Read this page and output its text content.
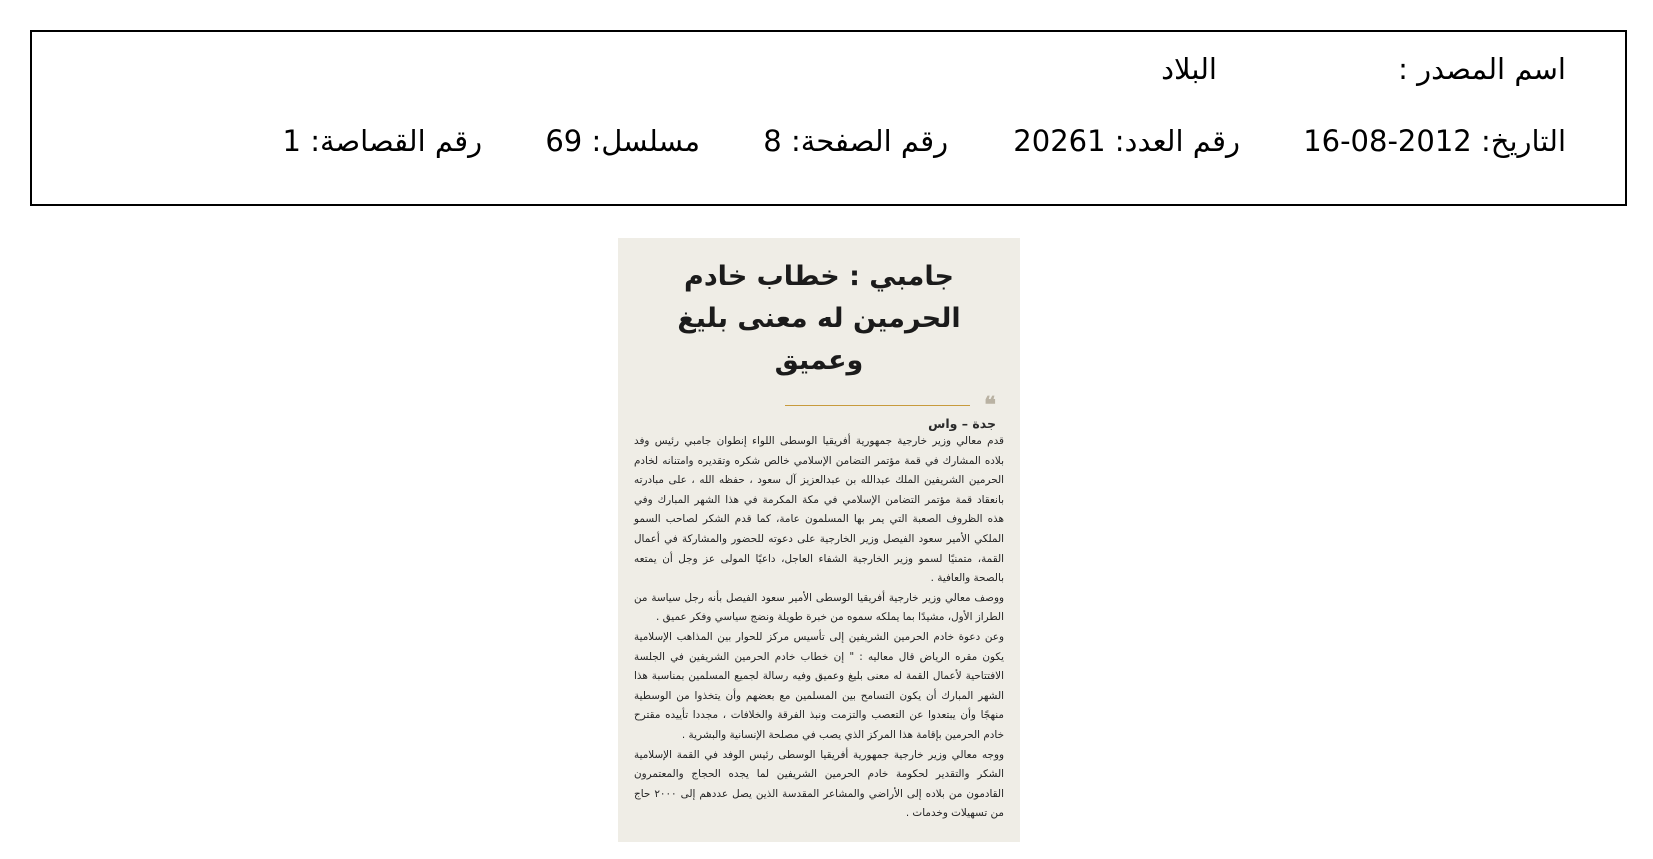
اسم المصدر :
البلاد
التاريخ: 16-08-2012 رقم العدد: 20261 رقم الصفحة: 8 مسلسل: 69 رقم القصاصة: 1
جامبي : خطاب خادم
الحرمين له معنى بليغ وعميق
❝
جدة – واس

قدم معالي وزير خارجية جمهورية أفريقيا الوسطى اللواء إنطوان جامبي رئيس وفد بلاده المشارك في قمة مؤتمر التضامن الإسلامي خالص شكره وتقديره وامتنانه لخادم الحرمين الشريفين الملك عبدالله بن عبدالعزيز آل سعود ، حفظه الله ، على مبادرته بانعقاد قمة مؤتمر التضامن الإسلامي في مكة المكرمة في هذا الشهر المبارك وفي هذه الظروف الصعبة التي يمر بها المسلمون عامة، كما قدم الشكر لصاحب السمو الملكي الأمير سعود الفيصل وزير الخارجية على دعوته للحضور والمشاركة في أعمال القمة، متمنيًا لسمو وزير الخارجية الشفاء العاجل، داعيًا المولى عز وجل أن يمتعه بالصحة والعافية .

ووصف معالي وزير خارجية أفريقيا الوسطى الأمير سعود الفيصل بأنه رجل سياسة من الطراز الأول، مشيدًا بما يملكه سموه من خبرة طويلة ونضج سياسي وفكر عميق .

وعن دعوة خادم الحرمين الشريفين إلى تأسيس مركز للحوار بين المذاهب الإسلامية يكون مقره الرياض قال معاليه : " إن خطاب خادم الحرمين الشريفين في الجلسة الافتتاحية لأعمال القمة له معنى بليغ وعميق وفيه رسالة لجميع المسلمين بمناسبة هذا الشهر المبارك أن يكون التسامح بين المسلمين مع بعضهم وأن يتخذوا من الوسطية منهجًا وأن يبتعدوا عن التعصب والتزمت ونبذ الفرقة والخلافات ، مجددا تأييده مقترح خادم الحرمين بإقامة هذا المركز الذي يصب في مصلحة الإنسانية والبشرية .

ووجه معالي وزير خارجية جمهورية أفريقيا الوسطى رئيس الوفد في القمة الإسلامية الشكر والتقدير لحكومة خادم الحرمين الشريفين لما يجده الحجاج والمعتمرون القادمون من بلاده إلى الأراضي والمشاعر المقدسة الذين يصل عددهم إلى ٢٠٠٠ حاج من تسهيلات وخدمات .
